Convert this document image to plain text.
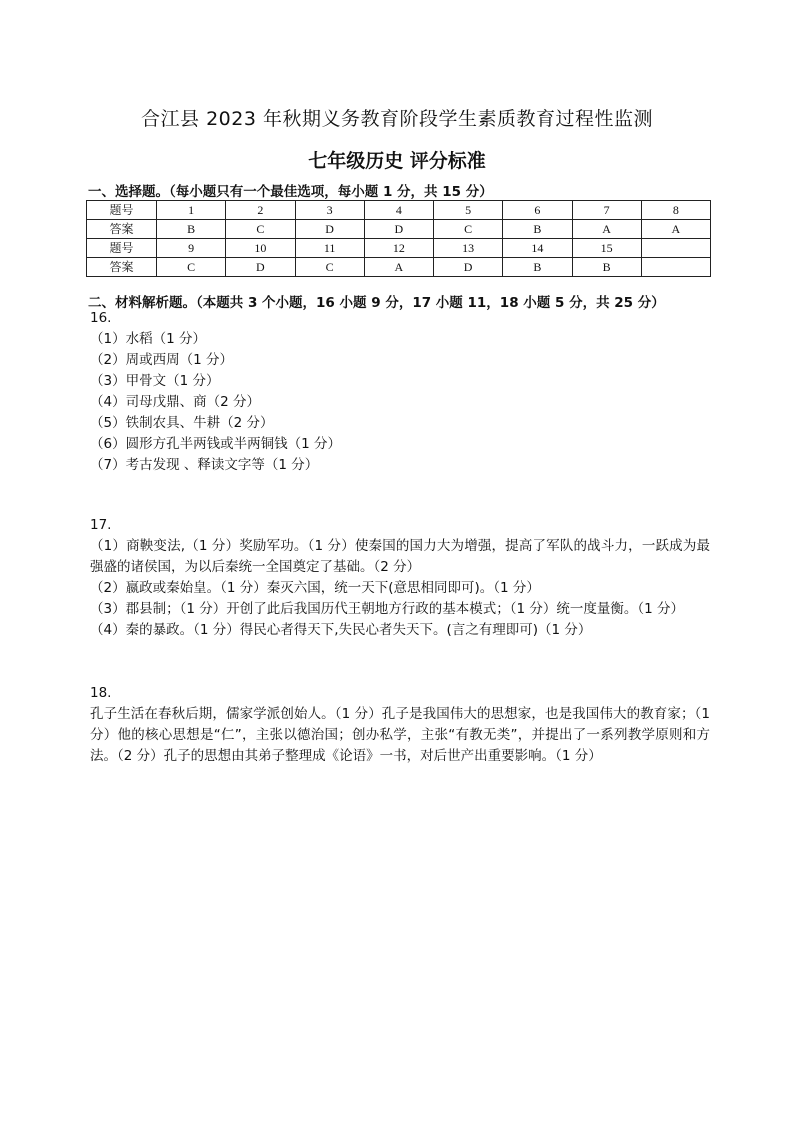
合江县 2023 年秋期义务教育阶段学生素质教育过程性监测
七年级历史 评分标准
一、选择题。（每小题只有一个最佳选项，每小题 1 分，共 15 分）
题号	1	2	3	4	5	6	7	8
答案	B	C	D	D	C	B	A	A
题号	9	10	11	12	13	14	15	
答案	C	D	C	A	D	B	B	
二、材料解析题。（本题共 3 个小题，16 小题 9 分，17 小题 11，18 小题 5 分，共 25 分）
16.
（1）水稻（1 分）
（2）周或西周（1 分）
（3）甲骨文（1 分）
（4）司母戊鼎、商（2 分）
（5）铁制农具、牛耕（2 分）
（6）圆形方孔半两钱或半两铜钱（1 分）
（7）考古发现 、释读文字等（1 分）
17.
（1）商鞅变法,（1 分）奖励军功。（1 分）使秦国的国力大为增强，提高了军队的战斗力，一跃成为最强盛的诸侯国，为以后秦统一全国奠定了基础。（2 分）
（2）嬴政或秦始皇。（1 分）秦灭六国，统一天下(意思相同即可)。（1 分）
（3）郡县制；（1 分）开创了此后我国历代王朝地方行政的基本模式；（1 分）统一度量衡。（1 分）
（4）秦的暴政。（1 分）得民心者得天下,失民心者失天下。(言之有理即可)（1 分）
18.
孔子生活在春秋后期，儒家学派创始人。（1 分）孔子是我国伟大的思想家，也是我国伟大的教育家；（1 分）他的核心思想是“仁”，主张以德治国；创办私学，主张“有教无类”，并提出了一系列教学原则和方法。（2 分）孔子的思想由其弟子整理成《论语》一书，对后世产出重要影响。（1 分）
